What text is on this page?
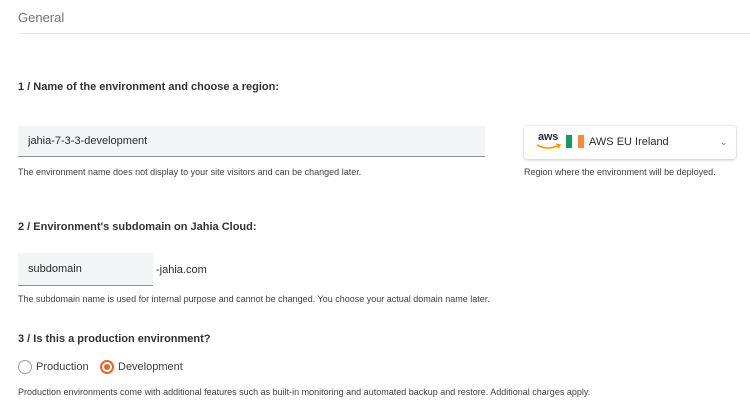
General
1 / Name of the environment and choose a region:
jahia-7-3-3-development
The environment name does not display to your site visitors and can be changed later.
aws	AWS EU Ireland	⌄
Region where the environment will be deployed.
2 / Environment's subdomain on Jahia Cloud:
subdomain
-jahia.com
The subdomain name is used for internal purpose and cannot be changed. You choose your actual domain name later.
3 / Is this a production environment?
Production	Development
Production environments come with additional features such as built-in monitoring and automated backup and restore. Additional charges apply.
